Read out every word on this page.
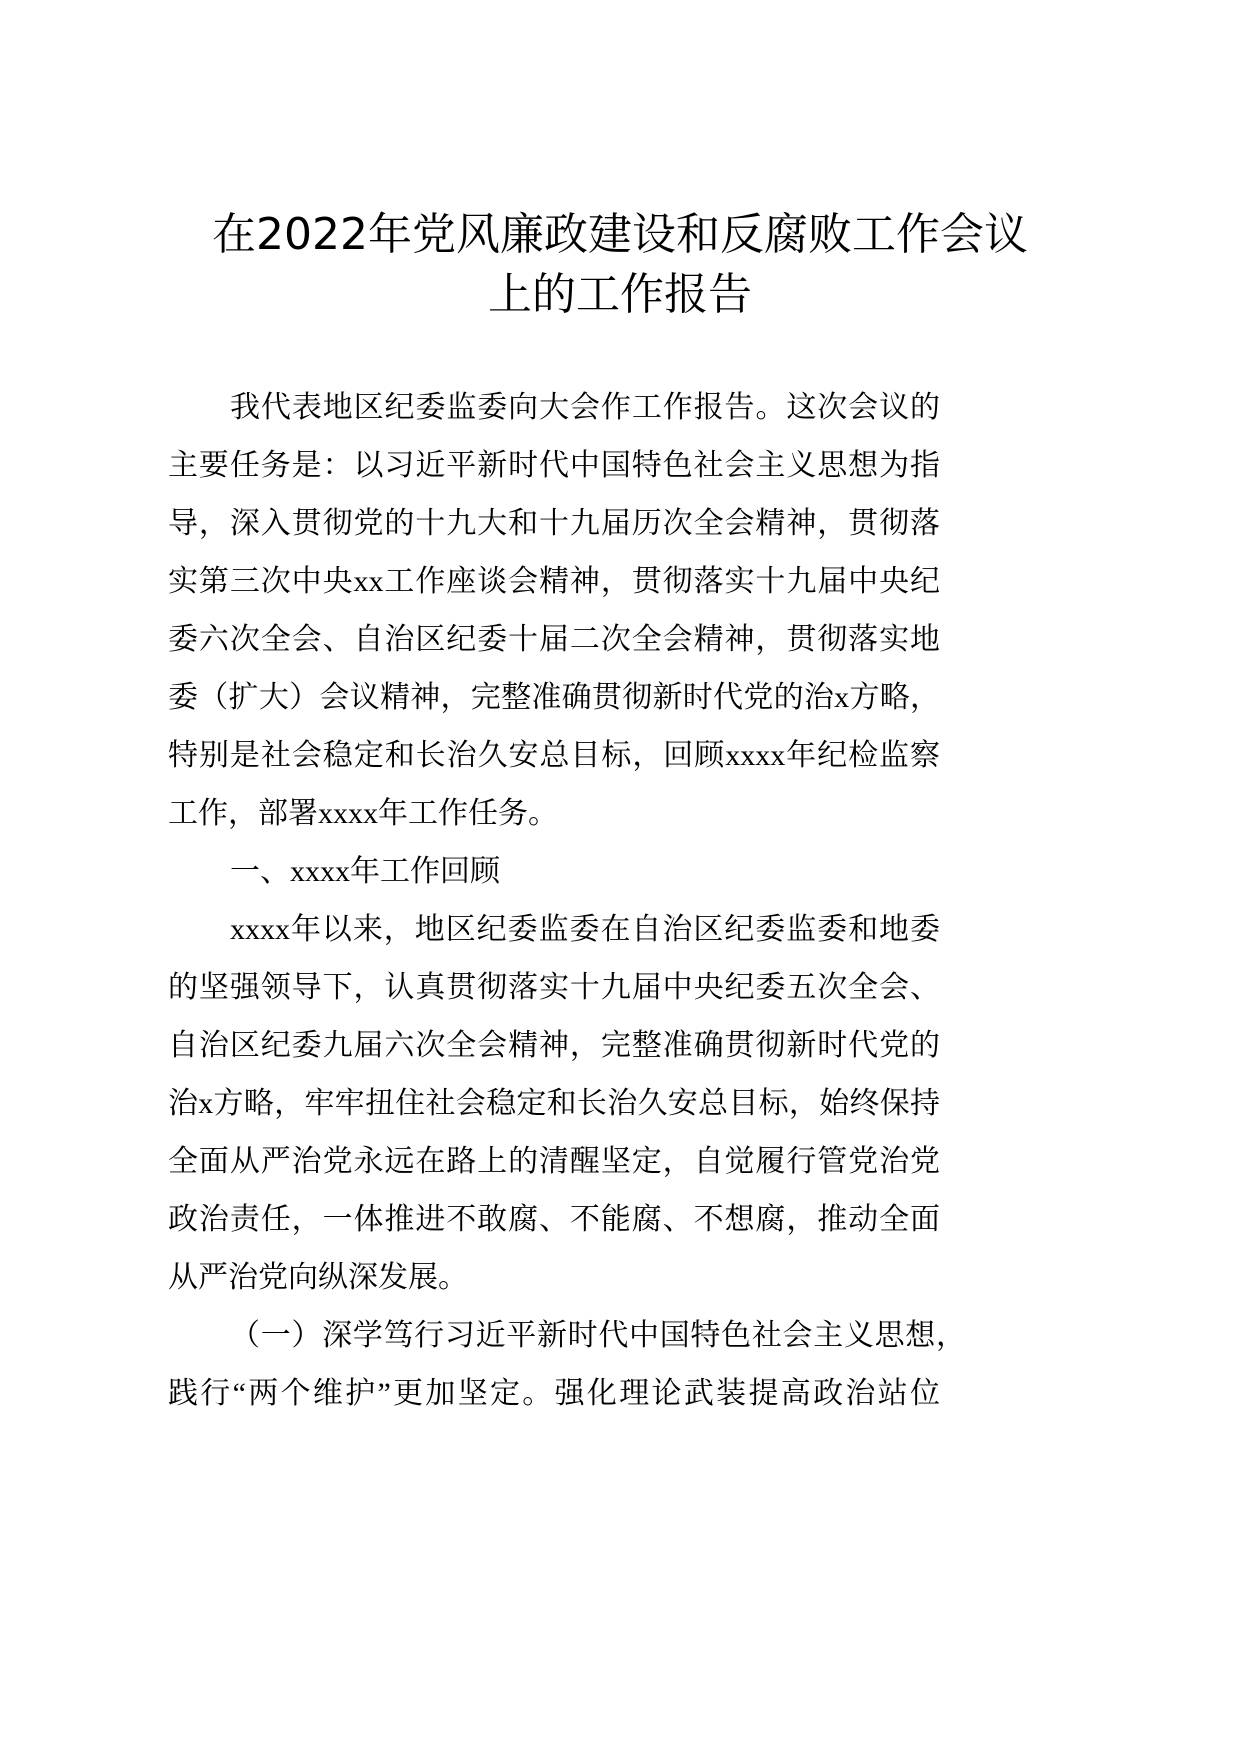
在2022年党风廉政建设和反腐败工作会议
上的工作报告
我代表地区纪委监委向大会作工作报告。这次会议的
主要任务是：以习近平新时代中国特色社会主义思想为指
导，深入贯彻党的十九大和十九届历次全会精神，贯彻落
实第三次中央xx工作座谈会精神，贯彻落实十九届中央纪
委六次全会、自治区纪委十届二次全会精神，贯彻落实地
委（扩大）会议精神，完整准确贯彻新时代党的治x方略，
特别是社会稳定和长治久安总目标，回顾xxxx年纪检监察
工作，部署xxxx年工作任务。
一、xxxx年工作回顾
xxxx年以来，地区纪委监委在自治区纪委监委和地委
的坚强领导下，认真贯彻落实十九届中央纪委五次全会、
自治区纪委九届六次全会精神，完整准确贯彻新时代党的
治x方略，牢牢扭住社会稳定和长治久安总目标，始终保持
全面从严治党永远在路上的清醒坚定，自觉履行管党治党
政治责任，一体推进不敢腐、不能腐、不想腐，推动全面
从严治党向纵深发展。
（一）深学笃行习近平新时代中国特色社会主义思想，
践行“两个维护”更加坚定。强化理论武装提高政治站位
